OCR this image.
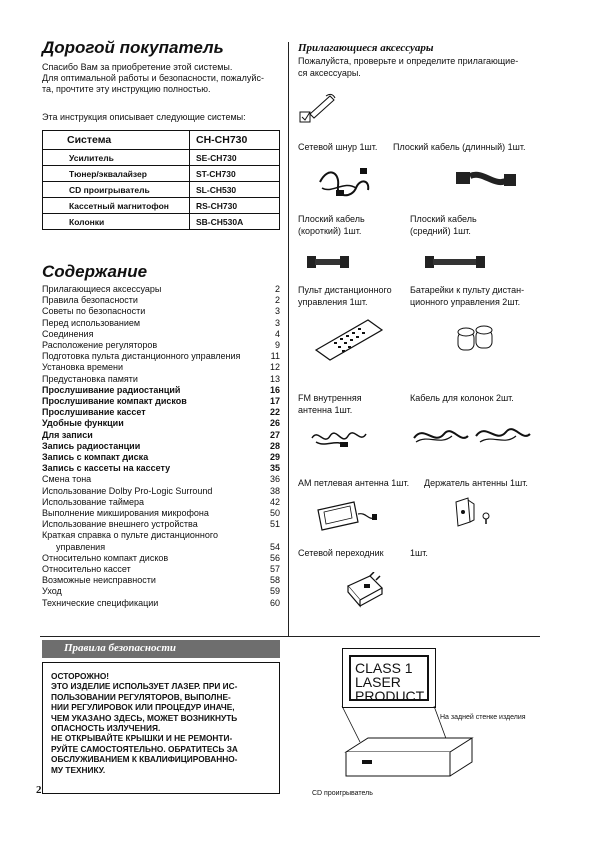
Дорогой покупатель
Спасибо Вам за приобретение этой системы.
Для оптимальной работы и безопасности, пожалуйс-
та, прочтите эту инструкцию полностью.
Эта инструкция описывает следующие системы:
Система	CH-CH730
Усилитель	SE-CH730
Тюнер/эквалайзер	ST-CH730
CD проигрыватель	SL-CH530
Кассетный магнитофон	RS-CH730
Колонки	SB-CH530A
Содержание
Прилагающиеся аксессуары	2
Правила безопасности	2
Советы по безопасности	3
Перед использованием	3
Соединения	4
Расположение регуляторов	9
Подготовка пульта дистанционного управления	11
Установка времени	12
Предустановка памяти	13
Прослушивание радиостанций	16
Прослушивание компакт дисков	17
Прослушивание кассет	22
Удобные функции	26
Для записи	27
Запись радиостанции	28
Запись с компакт диска	29
Запись с кассеты на кассету	35
Смена тона	36
Использование Dolby Pro-Logic Surround	38
Использование таймера	42
Выполнение микширования микрофона	50
Использование внешнего устройства	51
Краткая справка о пульте дистанционного
управления	54
Относительно компакт дисков	56
Относительно кассет	57
Возможные неисправности	58
Уход	59
Технические спецификации	60
Правила безопасности
ОСТОРОЖНО!
ЭТО ИЗДЕЛИЕ ИСПОЛЬЗУЕТ ЛАЗЕР. ПРИ ИС-
ПОЛЬЗОВАНИИ РЕГУЛЯТОРОВ, ВЫПОЛНЕ-
НИИ РЕГУЛИРОВОК ИЛИ ПРОЦЕДУР ИНАЧЕ,
ЧЕМ УКАЗАНО ЗДЕСЬ, МОЖЕТ ВОЗНИКНУТЬ
ОПАСНОСТЬ ИЗЛУЧЕНИЯ.
НЕ ОТКРЫВАЙТЕ КРЫШКИ И НЕ РЕМОНТИ-
РУЙТЕ САМОСТОЯТЕЛЬНО. ОБРАТИТЕСЬ ЗА
ОБСЛУЖИВАНИЕМ К КВАЛИФИЦИРОВАННО-
МУ ТЕХНИКУ.
2
Прилагающиеся аксессуары
Пожалуйста, проверьте и определите прилагающие-
ся аксессуары.
Сетевой шнур 1шт. Плоский кабель (длинный) 1шт.
Плоский кабель
(короткий) 1шт.
Плоский кабель
(средний) 1шт.
Пульт дистанционного
управления 1шт.
Батарейки к пульту дистан-
ционного управления 2шт.
FM внутренняя
антенна 1шт.
Кабель для колонок 2шт.
АМ петлевая антенна 1шт. Держатель антенны 1шт.
Сетевой переходник	1шт.
CLASS 1
LASER PRODUCT
На задней стенке изделия
CD проигрыватель
